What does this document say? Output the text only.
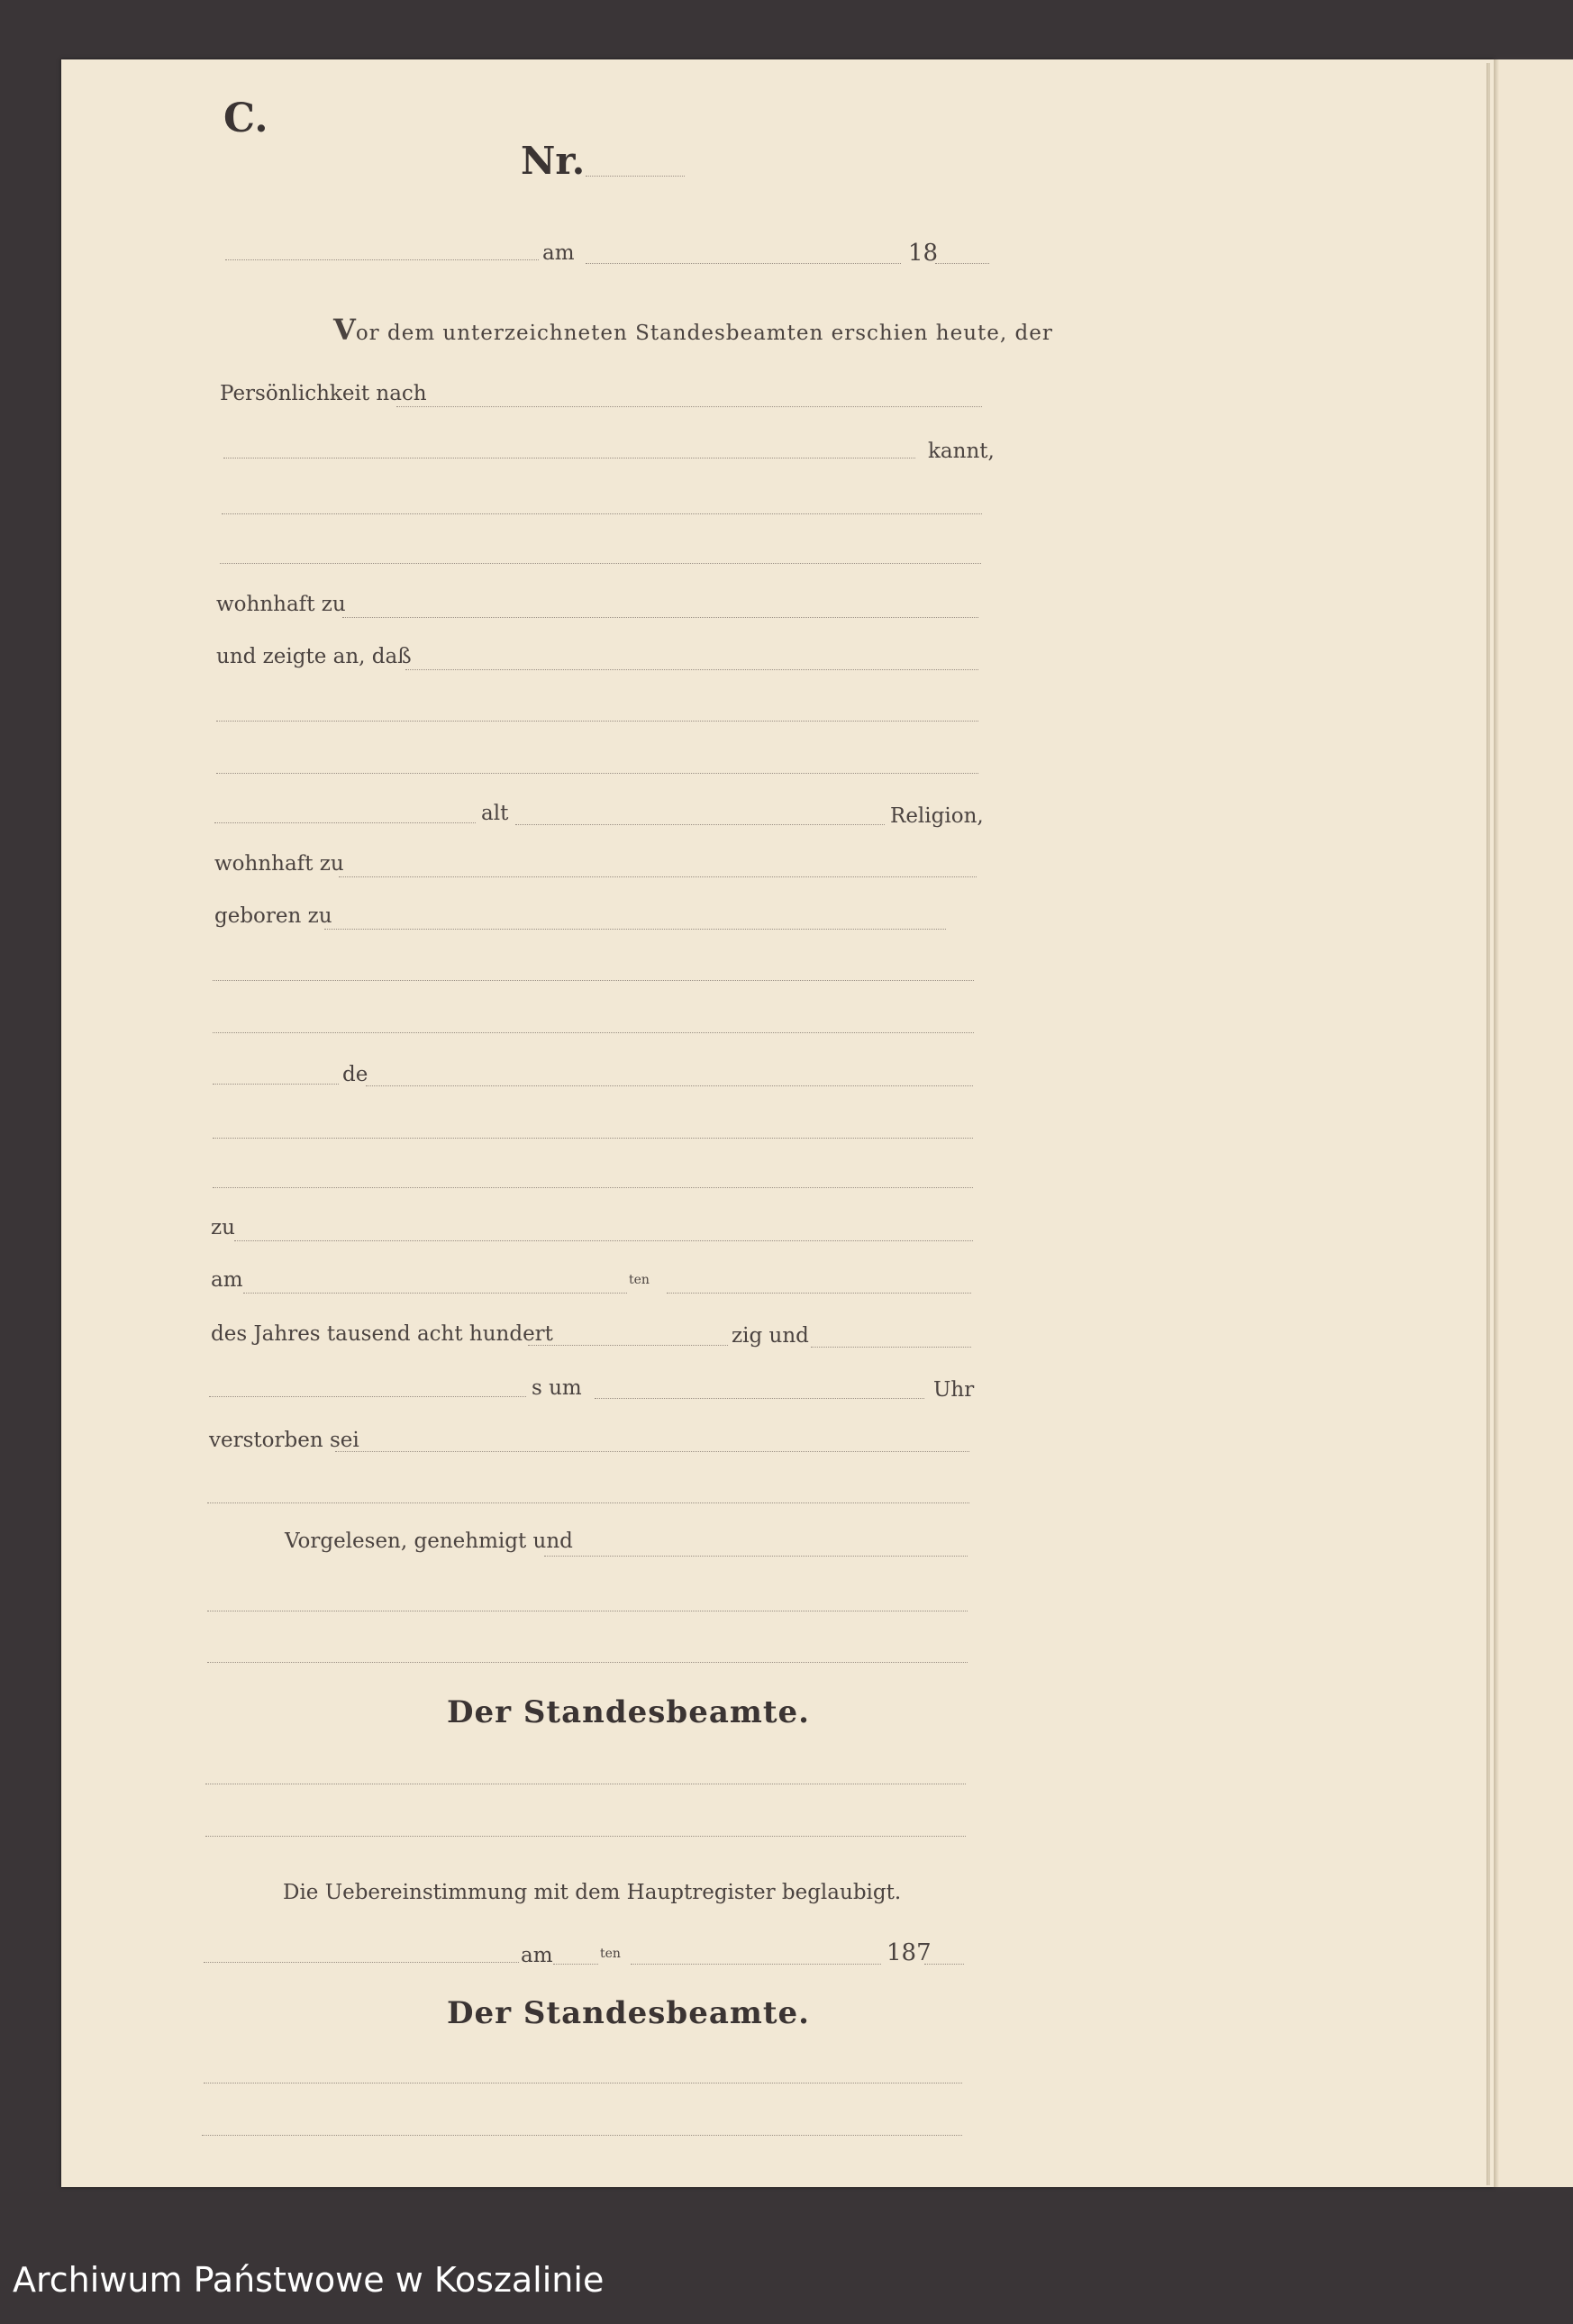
C.
Nr.
am	18
Vor dem unterzeichneten Standesbeamten erschien heute, der
Persönlichkeit nach
kannt,
wohnhaft zu
und zeigte an, daß
alt	Religion,
wohnhaft zu
geboren zu
de
zu
am	ten
des Jahres tausend acht hundert	zig und
s um	Uhr
verstorben sei
Vorgelesen, genehmigt und
Der Standesbeamte.
Die Uebereinstimmung mit dem Hauptregister beglaubigt.
am	ten	187
Der Standesbeamte.
Archiwum Państwowe w Koszalinie
